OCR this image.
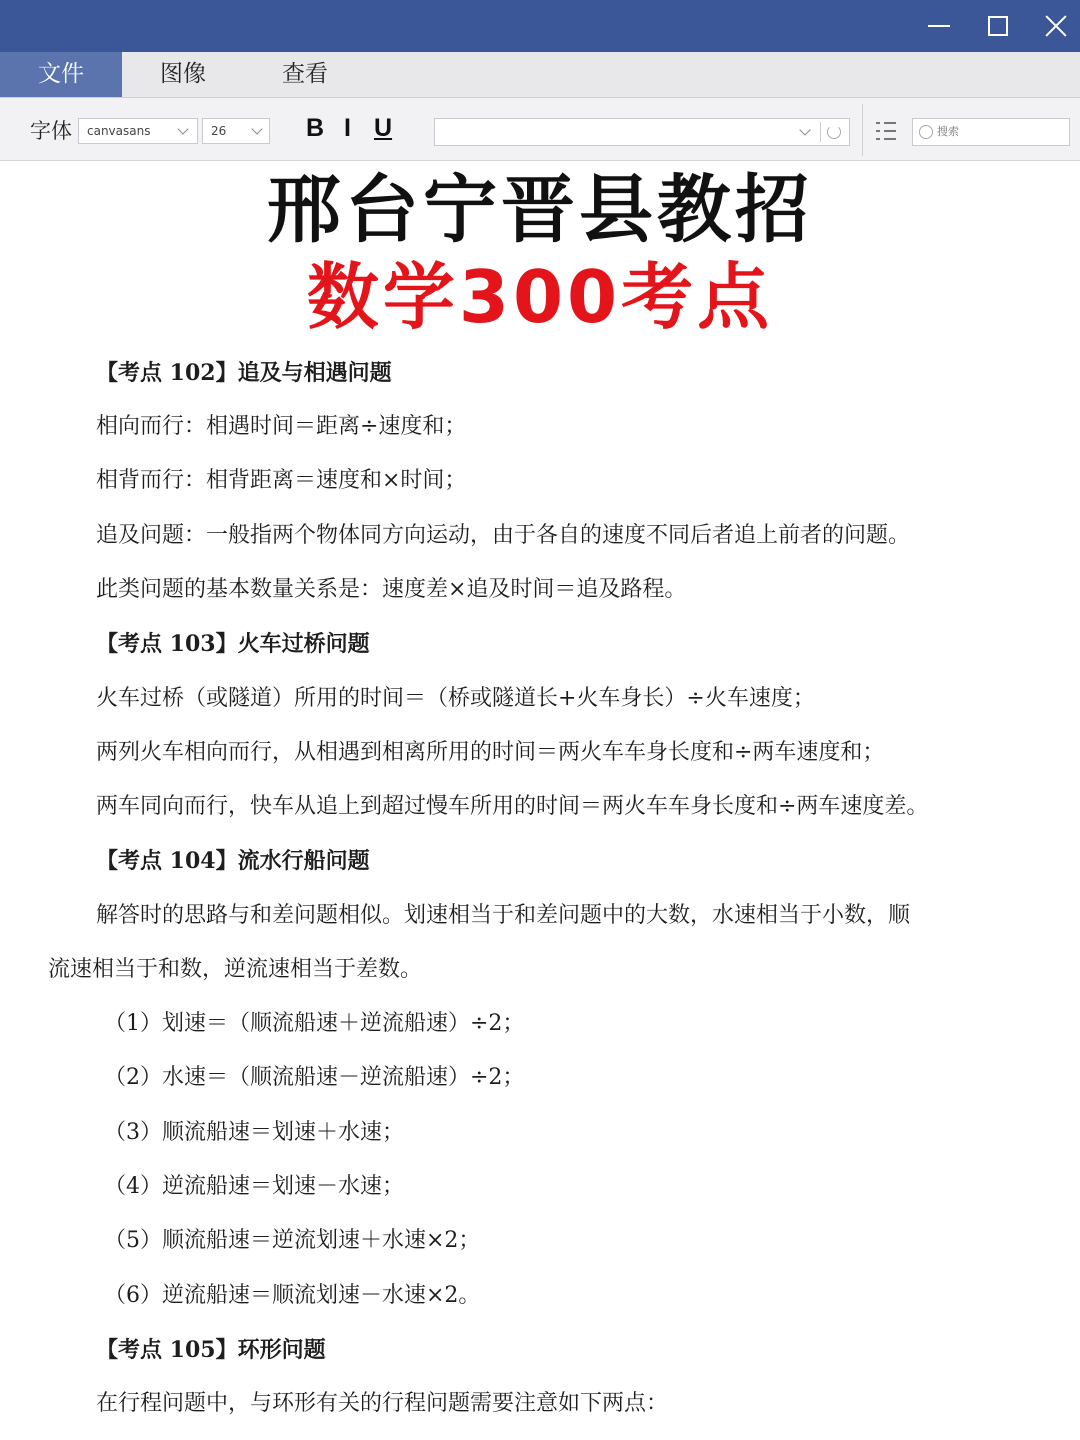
文件	图像	查看
字体 canvasans	26	B I U
搜索
邢台宁晋县教招
数学300考点
【考点 102】追及与相遇问题
相向而行：相遇时间＝距离÷速度和；
相背而行：相背距离＝速度和×时间；
追及问题：一般指两个物体同方向运动，由于各自的速度不同后者追上前者的问题。
此类问题的基本数量关系是：速度差×追及时间＝追及路程。
【考点 103】火车过桥问题
火车过桥（或隧道）所用的时间＝（桥或隧道长+火车身长）÷火车速度；
两列火车相向而行，从相遇到相离所用的时间＝两火车车身长度和÷两车速度和；
两车同向而行，快车从追上到超过慢车所用的时间＝两火车车身长度和÷两车速度差。
【考点 104】流水行船问题
解答时的思路与和差问题相似。划速相当于和差问题中的大数，水速相当于小数，顺
流速相当于和数，逆流速相当于差数。
（1）划速＝（顺流船速＋逆流船速）÷2；
（2）水速＝（顺流船速－逆流船速）÷2；
（3）顺流船速＝划速＋水速；
（4）逆流船速＝划速－水速；
（5）顺流船速＝逆流划速＋水速×2；
（6）逆流船速＝顺流划速－水速×2。
【考点 105】环形问题
在行程问题中，与环形有关的行程问题需要注意如下两点：
